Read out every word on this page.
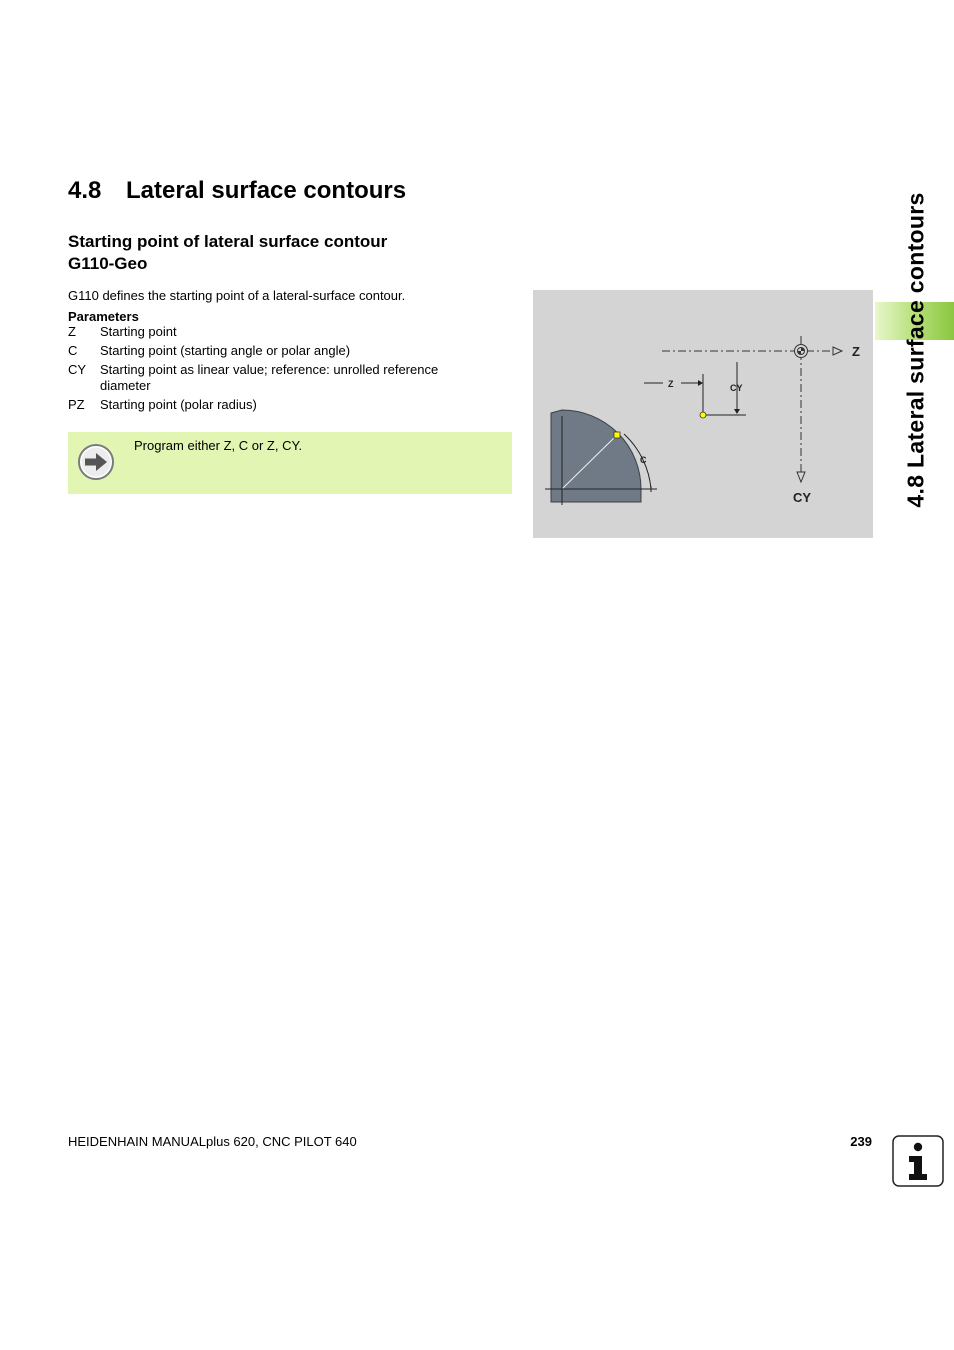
4.8 Lateral surface contours
Starting point of lateral surface contour
G110-Geo
G110 defines the starting point of a lateral-surface contour.
Parameters
Z	Starting point
C	Starting point (starting angle or polar angle)
CY	Starting point as linear value; reference: unrolled reference diameter
PZ	Starting point (polar radius)
Program either Z, C or Z, CY.
C
Z
CY
Z	CY	4.8 Lateral surface contours
HEIDENHAIN MANUALplus 620, CNC PILOT 640	239
